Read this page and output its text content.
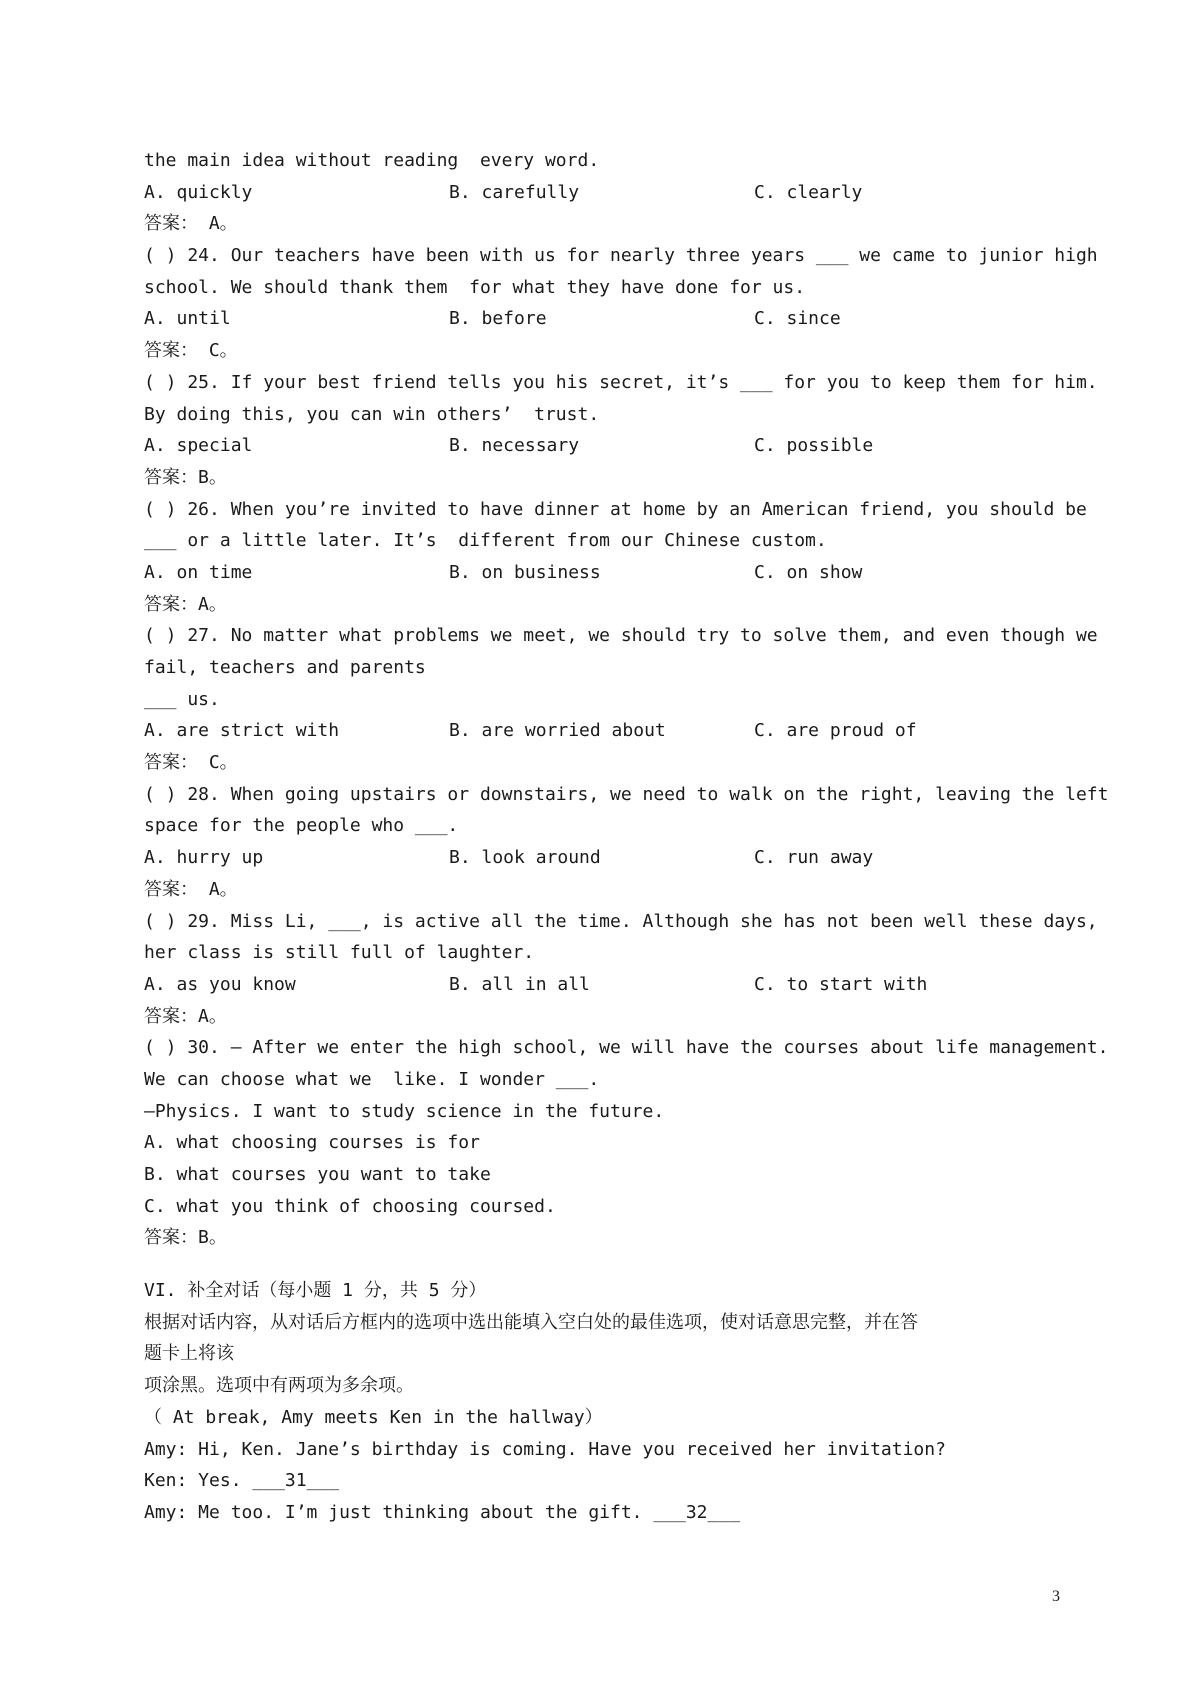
the main idea without reading  every word.
A. quickly	B. carefully	C. clearly
答案： A。
( ) 24. Our teachers have been with us for nearly three years ___ we came to junior high
school. We should thank them  for what they have done for us.
A. until	B. before	C. since
答案： C。
( ) 25. If your best friend tells you his secret, it’s ___ for you to keep them for him.
By doing this, you can win others’  trust.
A. special	B. necessary	C. possible
答案：B。
( ) 26. When you’re invited to have dinner at home by an American friend, you should be
___ or a little later. It’s  different from our Chinese custom.
A. on time	B. on business	C. on show
答案：A。
( ) 27. No matter what problems we meet, we should try to solve them, and even though we
fail, teachers and parents
___ us.
A. are strict with	B. are worried about	C. are proud of
答案： C。
( ) 28. When going upstairs or downstairs, we need to walk on the right, leaving the left
space for the people who ___.
A. hurry up	B. look around	C. run away
答案： A。
( ) 29. Miss Li, ___, is active all the time. Although she has not been well these days,
her class is still full of laughter.
A. as you know	B. all in all	C. to start with
答案：A。
( ) 30. — After we enter the high school, we will have the courses about life management.
We can choose what we  like. I wonder ___.
—Physics. I want to study science in the future.
A. what choosing courses is for
B. what courses you want to take
C. what you think of choosing coursed.
答案：B。
VI. 补全对话（每小题 1 分，共 5 分）
根据对话内容，从对话后方框内的选项中选出能填入空白处的最佳选项，使对话意思完整，并在答
题卡上将该
项涂黑。选项中有两项为多余项。
（ At break, Amy meets Ken in the hallway）
Amy: Hi, Ken. Jane’s birthday is coming. Have you received her invitation?
Ken: Yes. ___31___
Amy: Me too. I’m just thinking about the gift. ___32___
3
